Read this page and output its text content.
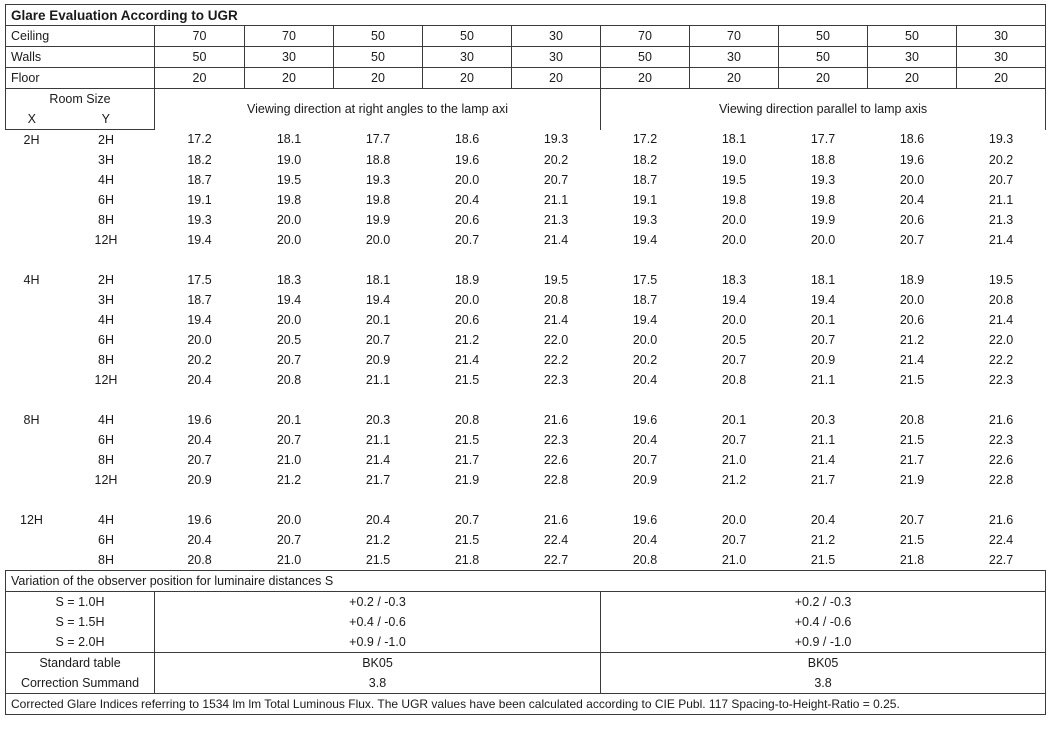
Glare Evaluation According to UGR											
Ceiling		70	70	50	50	30	70	70	50	50	30
Walls		50	30	50	30	30	50	30	50	30	30
Floor		20	20	20	20	20	20	20	20	20	20
Room Size		Viewing direction at right angles to the lamp axi					Viewing direction parallel to lamp axis				
X	Y										
2H	2H	17.2	18.1	17.7	18.6	19.3	17.2	18.1	17.7	18.6	19.3
	3H	18.2	19.0	18.8	19.6	20.2	18.2	19.0	18.8	19.6	20.2
	4H	18.7	19.5	19.3	20.0	20.7	18.7	19.5	19.3	20.0	20.7
	6H	19.1	19.8	19.8	20.4	21.1	19.1	19.8	19.8	20.4	21.1
	8H	19.3	20.0	19.9	20.6	21.3	19.3	20.0	19.9	20.6	21.3
	12H	19.4	20.0	20.0	20.7	21.4	19.4	20.0	20.0	20.7	21.4

4H	2H	17.5	18.3	18.1	18.9	19.5	17.5	18.3	18.1	18.9	19.5
	3H	18.7	19.4	19.4	20.0	20.8	18.7	19.4	19.4	20.0	20.8
	4H	19.4	20.0	20.1	20.6	21.4	19.4	20.0	20.1	20.6	21.4
	6H	20.0	20.5	20.7	21.2	22.0	20.0	20.5	20.7	21.2	22.0
	8H	20.2	20.7	20.9	21.4	22.2	20.2	20.7	20.9	21.4	22.2
	12H	20.4	20.8	21.1	21.5	22.3	20.4	20.8	21.1	21.5	22.3

8H	4H	19.6	20.1	20.3	20.8	21.6	19.6	20.1	20.3	20.8	21.6
	6H	20.4	20.7	21.1	21.5	22.3	20.4	20.7	21.1	21.5	22.3
	8H	20.7	21.0	21.4	21.7	22.6	20.7	21.0	21.4	21.7	22.6
	12H	20.9	21.2	21.7	21.9	22.8	20.9	21.2	21.7	21.9	22.8

12H	4H	19.6	20.0	20.4	20.7	21.6	19.6	20.0	20.4	20.7	21.6
	6H	20.4	20.7	21.2	21.5	22.4	20.4	20.7	21.2	21.5	22.4
	8H	20.8	21.0	21.5	21.8	22.7	20.8	21.0	21.5	21.8	22.7
Variation of the observer position for luminaire distances S											
S = 1.0H		+0.2 / -0.3					+0.2 / -0.3				
S = 1.5H		+0.4 / -0.6					+0.4 / -0.6				
S = 2.0H		+0.9 / -1.0					+0.9 / -1.0				
Standard table		BK05					BK05				
Correction Summand		3.8					3.8				
Corrected Glare Indices referring to 1534 lm lm Total Luminous Flux. The UGR values have been calculated according to CIE Publ. 117 Spacing-to-Height-Ratio = 0.25.											
